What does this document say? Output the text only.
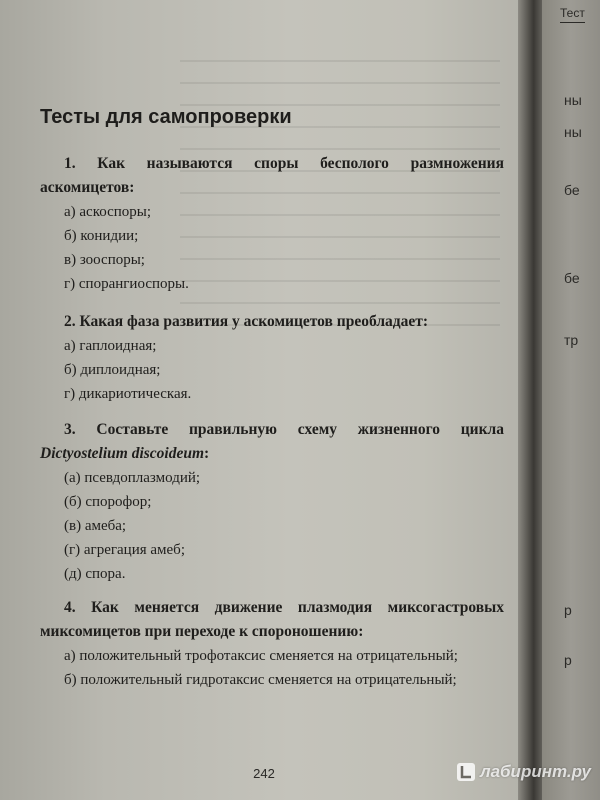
Тесты для самопроверки

1. Как называются споры бесполого размножения аскомицетов:

а) аскоспоры;

б) конидии;

в) зооспоры;

г) спорангиоспоры.

2. Какая фаза развития у аскомицетов преобладает:

а) гаплоидная;

б) диплоидная;

г) дикариотическая.

3. Составьте правильную схему жизненного цикла Dictyostelium discoideum:

(а) псевдоплазмодий;

(б) спорофор;

(в) амеба;

(г) агрегация амеб;

(д) спора.

4. Как меняется движение плазмодия миксогастровых миксомицетов при переходе к спороношению:

а) положительный трофотаксис сменяется на отрицательный;

б) положительный гидротаксис сменяется на отрицательный;

242
Тест
ны
ны
бе
бе
тр
р
р
лабиринт.ру
